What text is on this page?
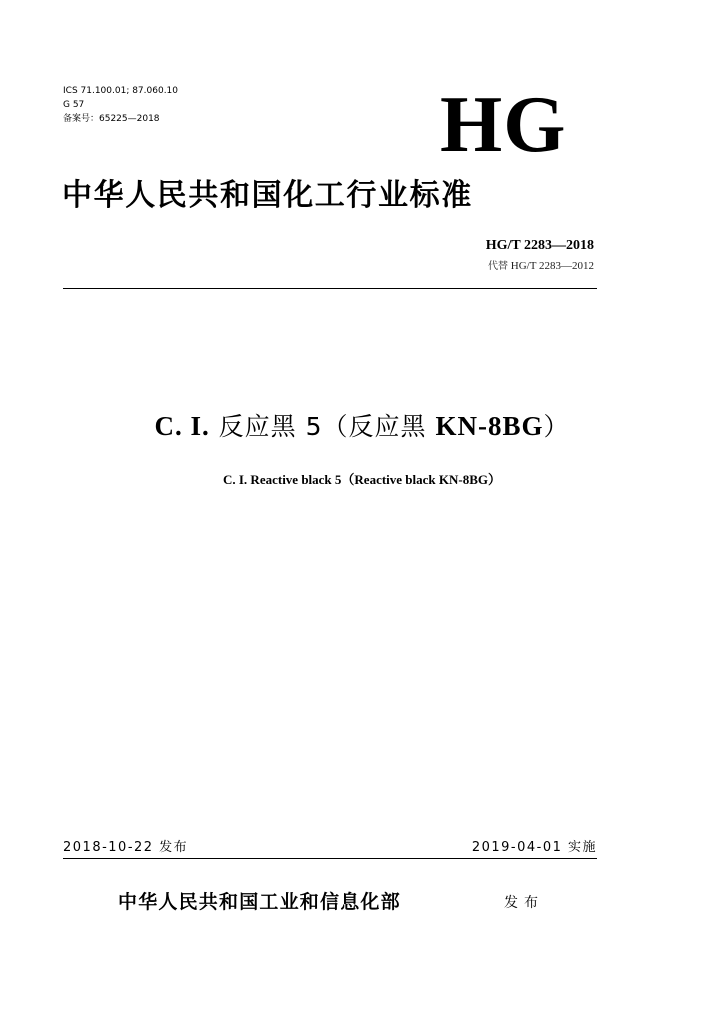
ICS 71.100.01; 87.060.10
G 57
备案号：65225—2018	HG
中华人民共和国化工行业标准
HG/T 2283—2018
代替 HG/T 2283—2012
C. I. 反应黑 5（反应黑 KN-8BG）
C. I. Reactive black 5（Reactive black KN-8BG）
2018-10-22 发布	2019-04-01 实施
中华人民共和国工业和信息化部	发布
